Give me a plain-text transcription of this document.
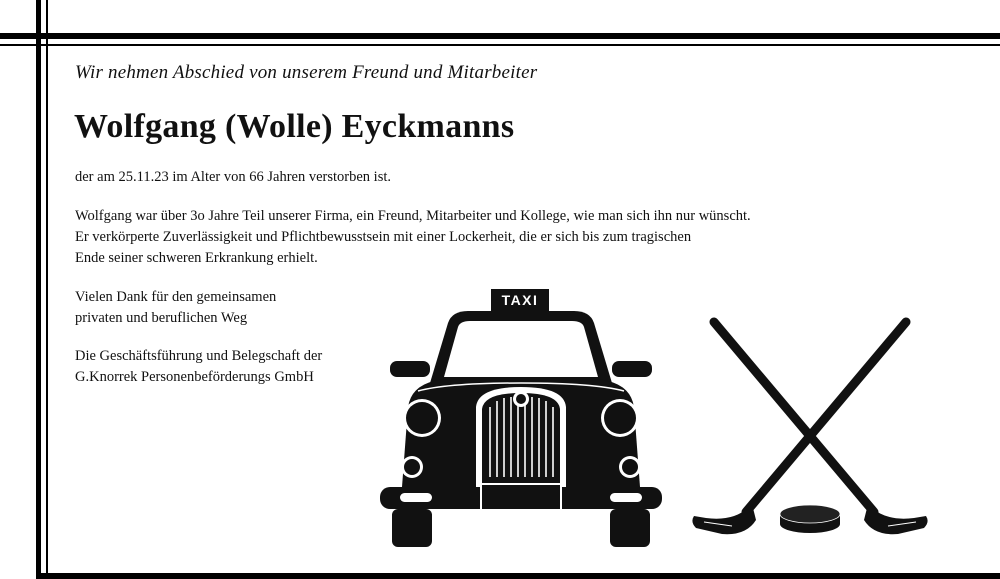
Wir nehmen Abschied von unserem Freund und Mitarbeiter
Wolfgang (Wolle) Eyckmanns
der am 25.11.23 im Alter von 66 Jahren verstorben ist.
Wolfgang war über 3o Jahre Teil unserer Firma, ein Freund, Mitarbeiter und Kollege, wie man sich ihn nur wünscht.
Er verkörperte Zuverlässigkeit und Pflichtbewusstsein mit einer Lockerheit, die er sich bis zum tragischen
Ende seiner schweren Erkrankung erhielt.
Vielen Dank für den gemeinsamen
privaten und beruflichen Weg
Die Geschäftsführung und Belegschaft der
G.Knorrek Personenbeförderungs GmbH
TAXI
